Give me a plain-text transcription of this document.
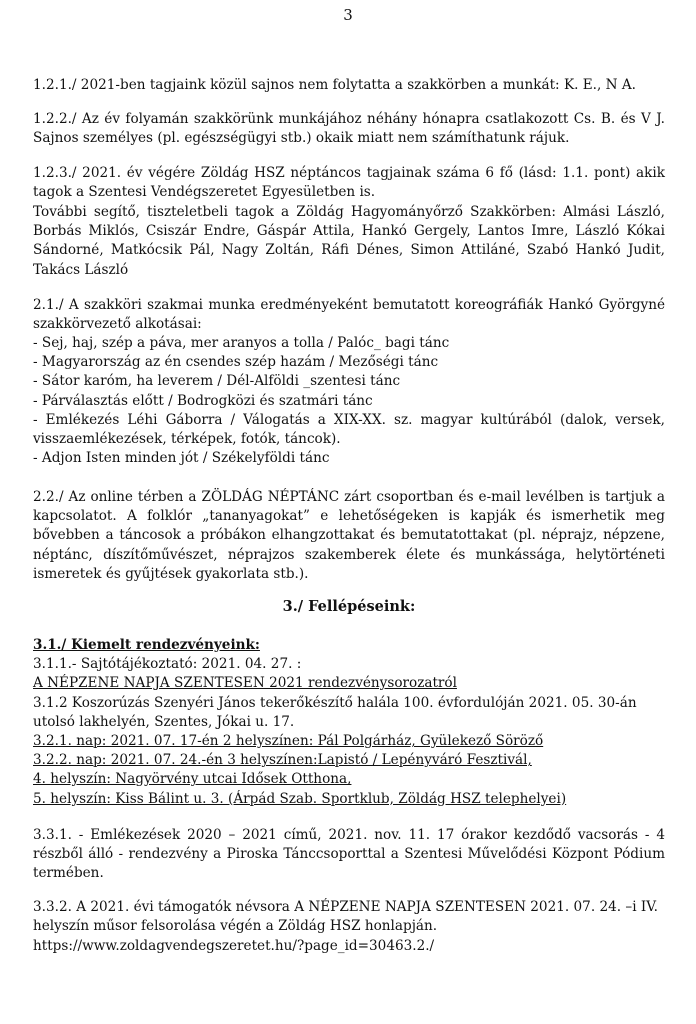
3

1.2.1./ 2021-ben tagjaink közül sajnos nem folytatta a szakkörben a munkát: K. E., N A.

1.2.2./ Az év folyamán szakkörünk munkájához néhány hónapra csatlakozott Cs. B. és V J. Sajnos személyes (pl. egészségügyi stb.) okaik miatt nem számíthatunk rájuk.

1.2.3./ 2021. év végére Zöldág HSZ néptáncos tagjainak száma 6 fő (lásd: 1.1. pont) akik tagok a Szentesi Vendégszeretet Egyesületben is.

További segítő, tiszteletbeli tagok a Zöldág Hagyományőrző Szakkörben: Almási László, Borbás Miklós, Csiszár Endre, Gáspár Attila, Hankó Gergely, Lantos Imre, László Kókai Sándorné, Matkócsik Pál, Nagy Zoltán, Ráfi Dénes, Simon Attiláné, Szabó Hankó Judit, Takács László

2.1./ A szakköri szakmai munka eredményeként bemutatott koreográfiák Hankó Györgyné szakkörvezető alkotásai:

- Sej, haj, szép a páva, mer aranyos a tolla / Palóc_ bagi tánc

- Magyarország az én csendes szép hazám / Mezőségi tánc

- Sátor karóm, ha leverem / Dél-Alföldi _szentesi tánc

- Párválasztás előtt / Bodrogközi és szatmári tánc

- Emlékezés Léhi Gáborra / Válogatás a XIX-XX. sz. magyar kultúrából (dalok, versek, visszaemlékezések, térképek, fotók, táncok).

- Adjon Isten minden jót / Székelyföldi tánc

2.2./ Az online térben a ZÖLDÁG NÉPTÁNC zárt csoportban és e-mail levélben is tartjuk a kapcsolatot. A folklór „tananyagokat” e lehetőségeken is kapják és ismerhetik meg bővebben a táncosok a próbákon elhangzottakat és bemutatottakat (pl. néprajz, népzene, néptánc, díszítőművészet, néprajzos szakemberek élete és munkássága, helytörténeti ismeretek és gyűjtések gyakorlata stb.).

3./ Fellépéseink:
3.1./ Kiemelt rendezvényeink:
3.1.1.- Sajtótájékoztató: 2021. 04. 27. :
A NÉPZENE NAPJA SZENTESEN 2021 rendezvénysorozatról

3.1.2 Koszorúzás Szenyéri János tekerőkészítő halála 100. évfordulóján 2021. 05. 30-án utolsó lakhelyén, Szentes, Jókai u. 17.

3.2.1. nap: 2021. 07. 17-én 2 helyszínen: Pál Polgárház, Gyülekező Söröző
3.2.2. nap: 2021. 07. 24.-én 3 helyszínen:Lapistó / Lepényváró Fesztivál,
4. helyszín: Nagyörvény utcai Idősek Otthona,
5. helyszín: Kiss Bálint u. 3. (Árpád Szab. Sportklub, Zöldág HSZ telephelyei)

3.3.1. - Emlékezések 2020 – 2021 című, 2021. nov. 11. 17 órakor kezdődő vacsorás - 4 részből álló - rendezvény a Piroska Tánccsoporttal a Szentesi Művelődési Központ Pódium termében.

3.3.2. A 2021. évi támogatók névsora A NÉPZENE NAPJA SZENTESEN 2021. 07. 24. –i IV. helyszín műsor felsorolása végén a Zöldág HSZ honlapján.

https://www.zoldagvendegszeretet.hu/?page_id=30463.2./
